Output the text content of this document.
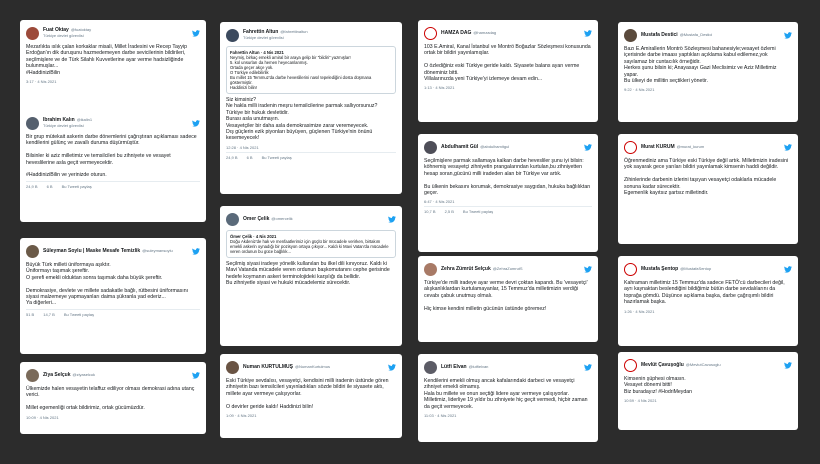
Fuat Oktay @fuatoktay
Türkiye devlet görevlisi
Mezarlıkta ıslık çalan korkaklar misali, Millet İradesini ve Recep Tayyip Erdoğan'ın dik duruşunu hazmedemeyen darbe sevicilerinin bildirileri, seçilmişlere ve de Türk Silahlı Kuvvetlerine ayar verme hadsizliğinde bulunmuşlar...
#HaddiniziBilin
3:17 · 4 Nis 2021
İbrahim Kalın @ikalin1
Türkiye devlet görevlisi
Bir grup mütekait askerin darbe dönemlerini çağrıştıran açıklaması sadece kendilerini gülünç ve zavallı duruma düşürmüştür.

Bilsinler ki aziz milletimiz ve temsilcileri bu zihniyete ve vesayet heveslilerine asla geçit vermeyecektir.

#HaddiniziBilin ve yerinizde oturun.
24,9 B 6 B Bu Tweeti paylaş
Süleyman Soylu | Maske Mesafe Temizlik @suleymansoylu
Büyük Türk milleti üniformaya aşıktır.
Üniformayı taşımak şereftir.
O şerefi emekli olduktan sonra taşımak daha büyük şereftir.

Demokrasiye, devlete ve millete sadakatle bağlı, rütbesini üniformasını siyasi malzemeye yapmayanları daima şükranla yad ederiz...
Ya diğerleri...
51 B 14,7 B Bu Tweeti paylaş
Ziya Selçuk @ziyaselcuk
Ülkemizde halen vesayetin telaffuz ediliyor olması demokrasi adına utanç verici.

Millet egemenliği ortak bildirimiz, ortak gücümüzdür.
10:09 · 4 Nis 2021
Fahrettin Altun @fahrettinaltun
Türkiye devlet görevlisi
Fahrettin Altun · 4 Nis 2021
Neymiş, birkaç emekli amiral bir araya gelip bir "bildiri" yazmışlar!
5. kol unsurları da hemen heyecanlanmış.
Ortada geçer akçe yok.
O Türkiye edilebilirlik
Bu millet 15 Temmuz'da darbe heveslilerini nasıl tepelediğini dosta düşmana göstermiştir.
Haddinizi bilin!
Siz kimsiniz?
Ne hakla milli iradenin meşru temsilcilerine parmak sallıyorsunuz?
Türkiye bir hukuk devletidir.
Burası asla unutmayın.
Vesayetçiler bir daha asla demokrasimize zarar veremeyecek.
Dış güçlerin ezik piyonları büyüyen, güçlenen Türkiye'nin önünü kesemeyecek!
12:28 · 4 Nis 2021
24,9 B 6 B Bu Tweeti paylaş
Ömer Çelik @omercelik
Ömer Çelik · 4 Nis 2021
Doğu Akdeniz'de hak ve menfaatlerimiz için güçlü bir mücadele verirken, birtakım emekli askerin oynadığı bir pozisyon ortaya çıkıyor... Kaldı ki Mavi Vatan'da mücadele veren ordunun bu güce bağlılık...
Seçilmiş siyasi iradeye yönelik kullanılan bu ilkel dili kınıyoruz. Kaldı ki Mavi Vatanda mücadele veren ordunun başkomutanını cephe gerisinde hedefe koymanın askeri terminolojideki karşılığı da bellidir.
Bu zihniyetle siyasi ve hukuki mücadelemiz sürecektir.
Numan KURTULMUŞ @NumanKurtulmus
Eski Türkiye sevdalısı, vesayetçi, kendisini milli iradenin üstünde gören zihniyetin bazı temsilcileri yayınladıkları sözde bildiri ile siyasete aktı, millete ayar vermeye çalışıyorlar.

O devirler geride kaldı! Haddinizi bilin!
1:09 · 4 Nis 2021
HAMZA DAĞ @hamzadag
103 E.Amiral, Kanal İstanbul ve Montrö Boğazlar Sözleşmesi konusunda ortak bir bildiri yayınlamışlar.

O özlediğiniz eski Türkiye geride kaldı. Siyasete balans ayarı verme döneminiz bitti.
Villalarınızda yeni Türkiye'yi izlemeye devam edin...
1:13 · 4 Nis 2021
Abdulhamit Gül @abdulhamitgul
Seçilmişlere parmak sallamaya kalkan darbe hevesliler şunu iyi bilsin: köhnemiş vesayetçi zihniyetin prangalarından kurtulan,bu zihniyetten hesap soran,gücünü milli iradeden alan bir Türkiye var artık.

Bu ülkenin bekasını korumak, demokrasiye saygıdan, hukuka bağlılıktan geçer.
6:47 · 4 Nis 2021
10,7 B 2,5 B Bu Tweeti paylaş
Zehra Zümrüt Selçuk @ZehraZumrutS
Türkiye'de milli iradeye ayar verme devri çoktan kapandı. Bu 'vesayetçi' alışkanlıklardan kurtulamayanlar, 15 Temmuz'da milletimizin verdiği cevabı çabuk unutmuş olmalı.

Hiç kimse kendini milletin gücünün üstünde göremez!
Lütfi Elvan @lutfielvan
Kendilerini emekli olmuş ancak kafalarındaki darbeci ve vesayetçi zihniyet emekli olmamış.
Hala bu millete ve onun seçtiği lidere ayar vermeye çalışıyorlar. Milletimiz, liderliye 19 yıldır bu zihniyete hiç geçit vermedi, hiçbir zaman da geçit vermeyecek.
11:03 · 4 Nis 2021
Mustafa Destici @Mustafa_Destici
Bazı E.Amirallerin Montrö Sözleşmesi bahanesiyle;vesayet özlemi içerisinde darbe imaası yaptıkları açıklama kabul edilemez,yok sayılamaz bir cuntacılık örneğidir.
Herkes şunu bilsin ki; Anayasayı Gazi Meclisimiz ve Aziz Milletimiz yapar.
Bu ülkeyi de millitin seçtikleri yönetir.
9:22 · 4 Nis 2021
Murat KURUM @murat_kurum
Öğrenmediniz ama Türkiye eski Türkiye değil artık. Milletimizin iradesini yok sayarak gece yarıları bildiri yayınlamak kimsenin haddi değildir.

Zihinlerinde darbenin izlerini taşıyan vesayetçi odaklarla mücadele sonuna kadar sürecektir.
Egemenlik kayıtsız şartsız milletindir.
Mustafa Şentop @MustafaSentop
Kahraman milletimiz 15 Temmuz'da sadece FETÖ'cü darbecileri değil, ayrı kaynaktan beslendiğini bildiğimiz bütün darbe sevdalılarını da toprağa gömdü. Düşünce açıklama başka, darbe çağrışımlı bildiri hazırlamak başka.
1:26 · 4 Nis 2021
Mevlüt Çavuşoğlu @MevlutCavusoglu
Kimsenin şüphesi olmasın.
Vesayet dönemi bitti!
Biz buradayız! #HodriMeydan
10:59 · 4 Nis 2021
